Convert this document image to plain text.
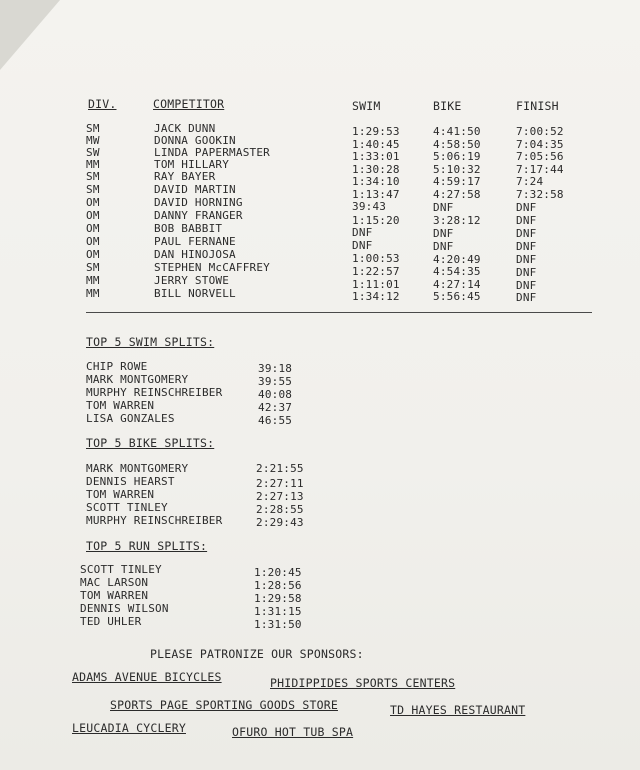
DIV.	COMPETITOR	SWIM	BIKE	FINISH
SM	JACK DUNN	1:29:53	4:41:50	7:00:52
MW	DONNA GOOKIN	1:40:45	4:58:50	7:04:35
SW	LINDA PAPERMASTER	1:33:01	5:06:19	7:05:56
MM	TOM HILLARY	1:30:28	5:10:32	7:17:44
SM	RAY BAYER	1:34:10	4:59:17	7:24
SM	DAVID MARTIN	1:13:47	4:27:58	7:32:58
OM	DAVID HORNING	39:43	DNF	DNF
OM	DANNY FRANGER	1:15:20	3:28:12	DNF
OM	BOB BABBIT	DNF	DNF	DNF
OM	PAUL FERNANE	DNF	DNF	DNF
OM	DAN HINOJOSA	1:00:53	4:20:49	DNF
SM	STEPHEN McCAFFREY	1:22:57	4:54:35	DNF
MM	JERRY STOWE	1:11:01	4:27:14	DNF
MM	BILL NORVELL	1:34:12	5:56:45	DNF
TOP 5 SWIM SPLITS:
CHIP ROWE	39:18
MARK MONTGOMERY	39:55
MURPHY REINSCHREIBER	40:08
TOM WARREN	42:37
LISA GONZALES	46:55
TOP 5 BIKE SPLITS:
MARK MONTGOMERY	2:21:55
DENNIS HEARST	2:27:11
TOM WARREN	2:27:13
SCOTT TINLEY	2:28:55
MURPHY REINSCHREIBER	2:29:43
TOP 5 RUN SPLITS:
SCOTT TINLEY	1:20:45
MAC LARSON	1:28:56
TOM WARREN	1:29:58
DENNIS WILSON	1:31:15
TED UHLER	1:31:50
PLEASE PATRONIZE OUR SPONSORS:
ADAMS AVENUE BICYCLES	PHIDIPPIDES SPORTS CENTERS
SPORTS PAGE SPORTING GOODS STORE	TD HAYES RESTAURANT
LEUCADIA CYCLERY	OFURO HOT TUB SPA
